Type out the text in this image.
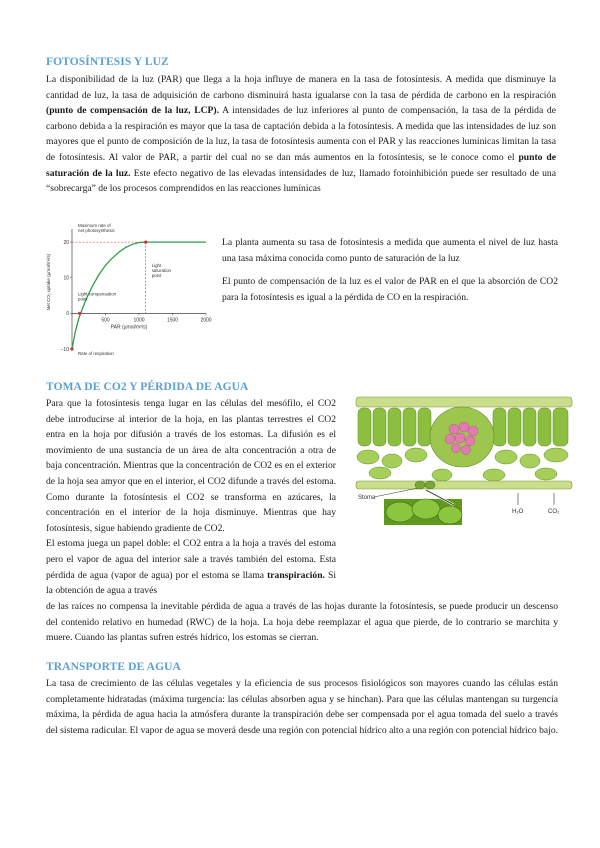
FOTOSÍNTESIS Y LUZ

La disponibilidad de la luz (PAR) que llega a la hoja influye de manera en la tasa de fotosíntesis. A medida que disminuye la cantidad de luz, la tasa de adquisición de carbono disminuirá hasta igualarse con la tasa de pérdida de carbono en la respiración (punto de compensación de la luz, LCP). A intensidades de luz inferiores al punto de compensación, la tasa de la pérdida de carbono debida a la respiración es mayor que la tasa de captación debida a la fotosíntesis. A medida que las intensidades de luz son mayores que el punto de composición de la luz, la tasa de fotosíntesis aumenta con el PAR y las reacciones lumínicas limitan la tasa de fotosíntesis. Al valor de PAR, a partir del cual no se dan más aumentos en la fotosíntesis, se le conoce como el punto de saturación de la luz. Este efecto negativo de las elevadas intensidades de luz, llamado fotoinhibición puede ser resultado de una “sobrecarga” de los procesos comprendidos en las reacciones lumínicas

500	1000	1500	2000
20
10
0
−10
PAR (µmol/m²/s)
Net CO₂ uptake (µmol/m²/s)
Maximum rate of net photosynthesis
Light compensation point
Light saturation point
Rate of respiration

La planta aumenta su tasa de fotosíntesis a medida que aumenta el nivel de luz hasta una tasa máxima conocida como punto de saturación de la luz

El punto de compensación de la luz es el valor de PAR en el que la absorción de CO2 para la fotosíntesis es igual a la pérdida de CO en la respiración.

TOMA DE CO2 Y PÉRDIDA DE AGUA

Para que la fotosíntesis tenga lugar en las células del mesófilo, el CO2 debe introducirse al interior de la hoja, en las plantas terrestres el CO2 entra en la hoja por difusión a través de los estomas. La difusión es el movimiento de una sustancia de un área de alta concentración a otra de baja concentración. Mientras que la concentración de CO2 es en el exterior de la hoja sea amyor que en el interior, el CO2 difunde a través del estoma. Como durante la fotosíntesis el CO2 se transforma en azúcares, la concentración en el interior de la hoja disminuye. Mientras que hay fotosíntesis, sigue habiendo gradiente de CO2.
El estoma juega un papel doble: el CO2 entra a la hoja a través del estoma pero el vapor de agua del interior sale a través también del estoma. Esta pérdida de agua (vapor de agua) por el estoma se llama transpiración. Si la obtención de agua a través

Stoma
H₂O	CO₂

de las raíces no compensa la inevitable pérdida de agua a través de las hojas durante la fotosíntesis, se puede producir un descenso del contenido relativo en humedad (RWC) de la hoja. La hoja debe reemplazar el agua que pierde, de lo contrario se marchita y muere. Cuando las plantas sufren estrés hídrico, los estomas se cierran.

TRANSPORTE DE AGUA

La tasa de crecimiento de las células vegetales y la eficiencia de sus procesos fisiológicos son mayores cuando las células están completamente hidratadas (máxima turgencia: las células absorben agua y se hinchan). Para que las células mantengan su turgencia máxima, la pérdida de agua hacia la atmósfera durante la transpiración debe ser compensada por el agua tomada del suelo a través del sistema radicular. El vapor de agua se moverá desde una región con potencial hídrico alto a una región con potencial hídrico bajo.
